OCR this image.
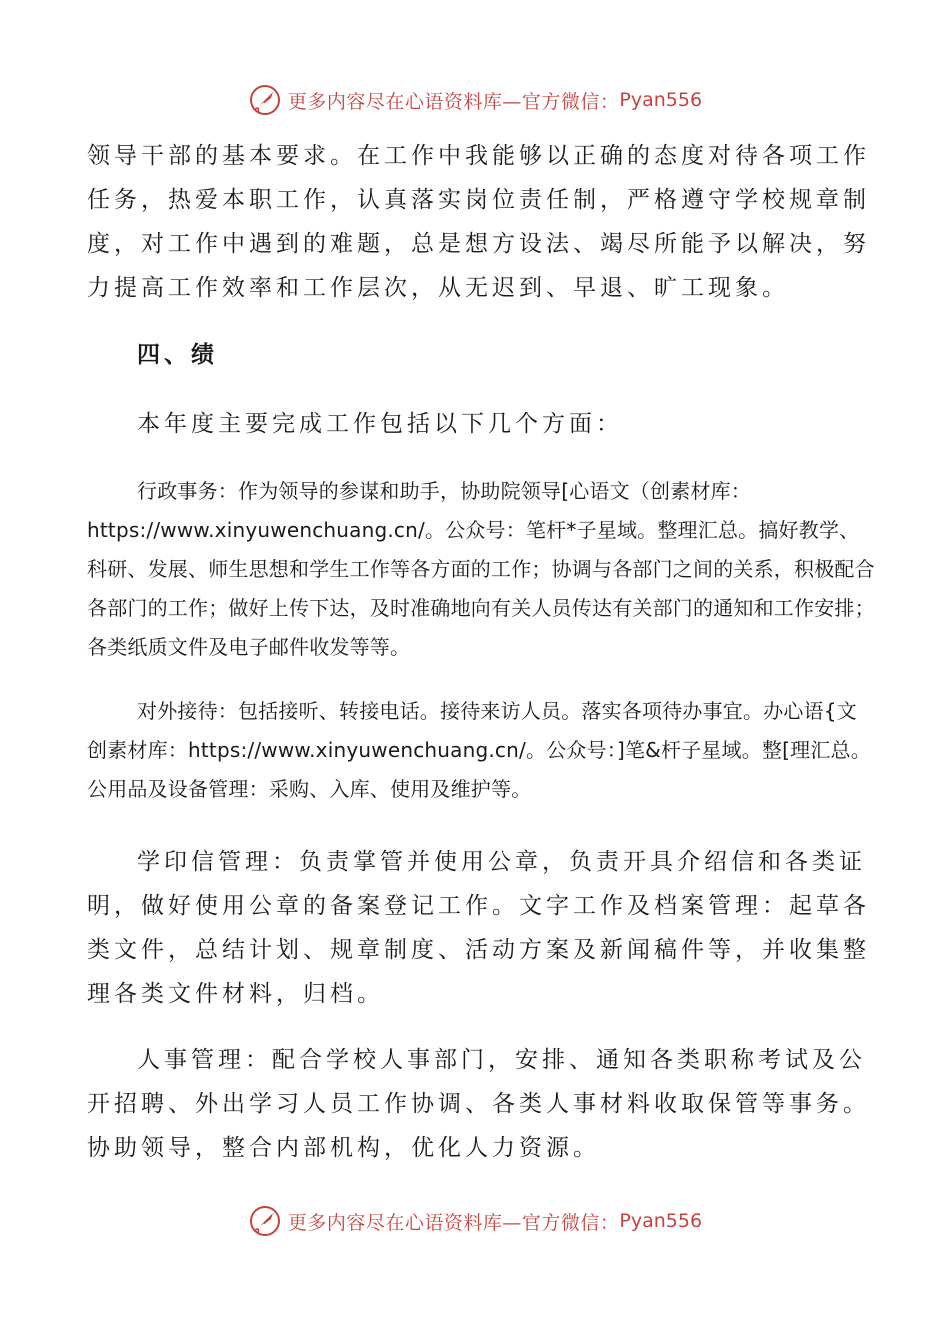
更多内容尽在心语资料库—官方微信： Pyan556

领导干部的基本要求。在工作中我能够以正确的态度对待各项工作任务，热爱本职工作，认真落实岗位责任制，严格遵守学校规章制度，对工作中遇到的难题，总是想方设法、竭尽所能予以解决，努力提高工作效率和工作层次，从无迟到、早退、旷工现象。

四、绩

本年度主要完成工作包括以下几个方面：

行政事务：作为领导的参谋和助手，协助院领导[心语文（创素材库：https://www.xinyuwenchuang.cn/。公众号：笔杆*子星域。整理汇总。搞好教学、科研、发展、师生思想和学生工作等各方面的工作；协调与各部门之间的关系，积极配合各部门的工作；做好上传下达，及时准确地向有关人员传达有关部门的通知和工作安排；各类纸质文件及电子邮件收发等等。

对外接待：包括接听、转接电话。接待来访人员。落实各项待办事宜。办心语{文创素材库：https://www.xinyuwenchuang.cn/。公众号：]笔&杆子星域。整[理汇总。公用品及设备管理：采购、入库、使用及维护等。

学印信管理：负责掌管并使用公章，负责开具介绍信和各类证明，做好使用公章的备案登记工作。文字工作及档案管理：起草各类文件，总结计划、规章制度、活动方案及新闻稿件等，并收集整理各类文件材料，归档。

人事管理：配合学校人事部门，安排、通知各类职称考试及公开招聘、外出学习人员工作协调、各类人事材料收取保管等事务。协助领导，整合内部机构，优化人力资源。

更多内容尽在心语资料库—官方微信： Pyan556
